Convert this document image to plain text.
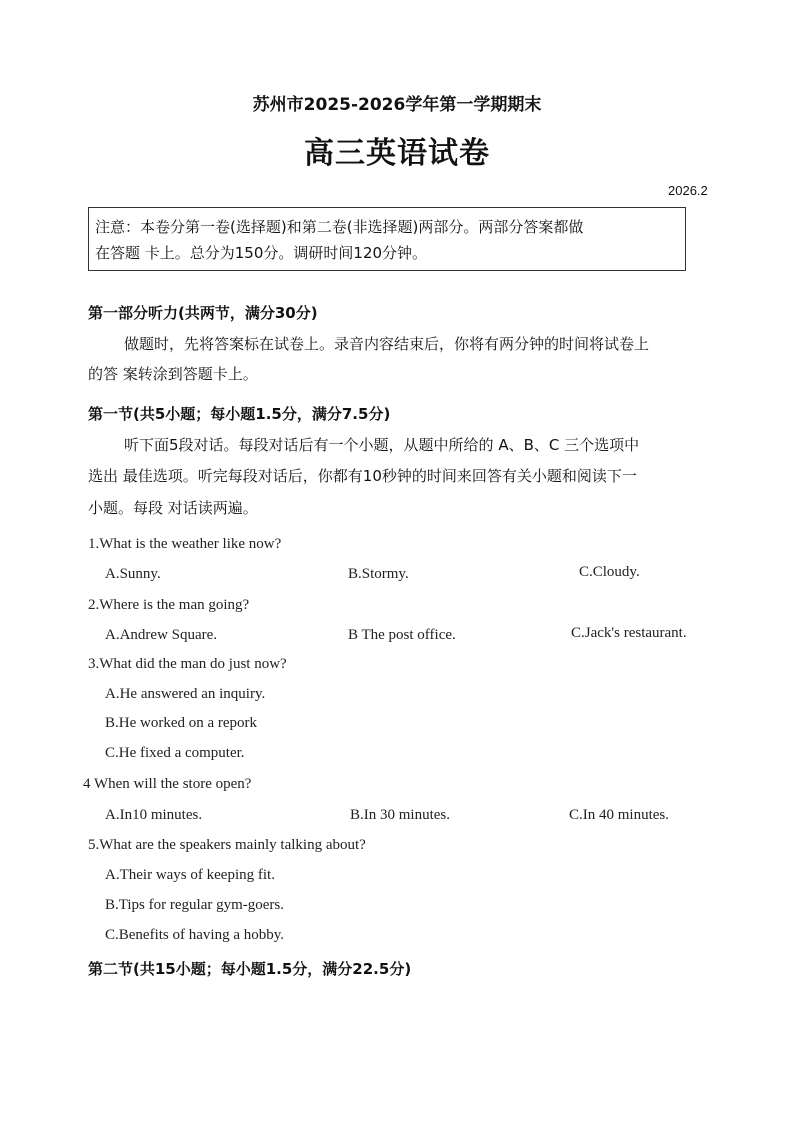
苏州市2025-2026学年第一学期期末
高三英语试卷
2026.2
注意：本卷分第一卷(选择题)和第二卷(非选择题)两部分。两部分答案都做
在答题 卡上。总分为150分。调研时间120分钟。
第一部分听力(共两节，满分30分)
做题时，先将答案标在试卷上。录音内容结束后，你将有两分钟的时间将试卷上
的答 案转涂到答题卡上。
第一节(共5小题；每小题1.5分，满分7.5分)
听下面5段对话。每段对话后有一个小题，从题中所给的 A、B、C 三个选项中
选出 最佳选项。听完每段对话后，你都有10秒钟的时间来回答有关小题和阅读下一
小题。每段 对话读两遍。
1.What is the weather like now?
A.Sunny.	B.Stormy.	C.Cloudy.
2.Where is the man going?
A.Andrew Square.	B The post office.	C.Jack's restaurant.
3.What did the man do just now?
A.He answered an inquiry.
B.He worked on a repork
C.He fixed a computer.
4 When will the store open?
A.In10 minutes.	B.In 30 minutes.	C.In 40 minutes.
5.What are the speakers mainly talking about?
A.Their ways of keeping fit.
B.Tips for regular gym-goers.
C.Benefits of having a hobby.
第二节(共15小题；每小题1.5分，满分22.5分)
